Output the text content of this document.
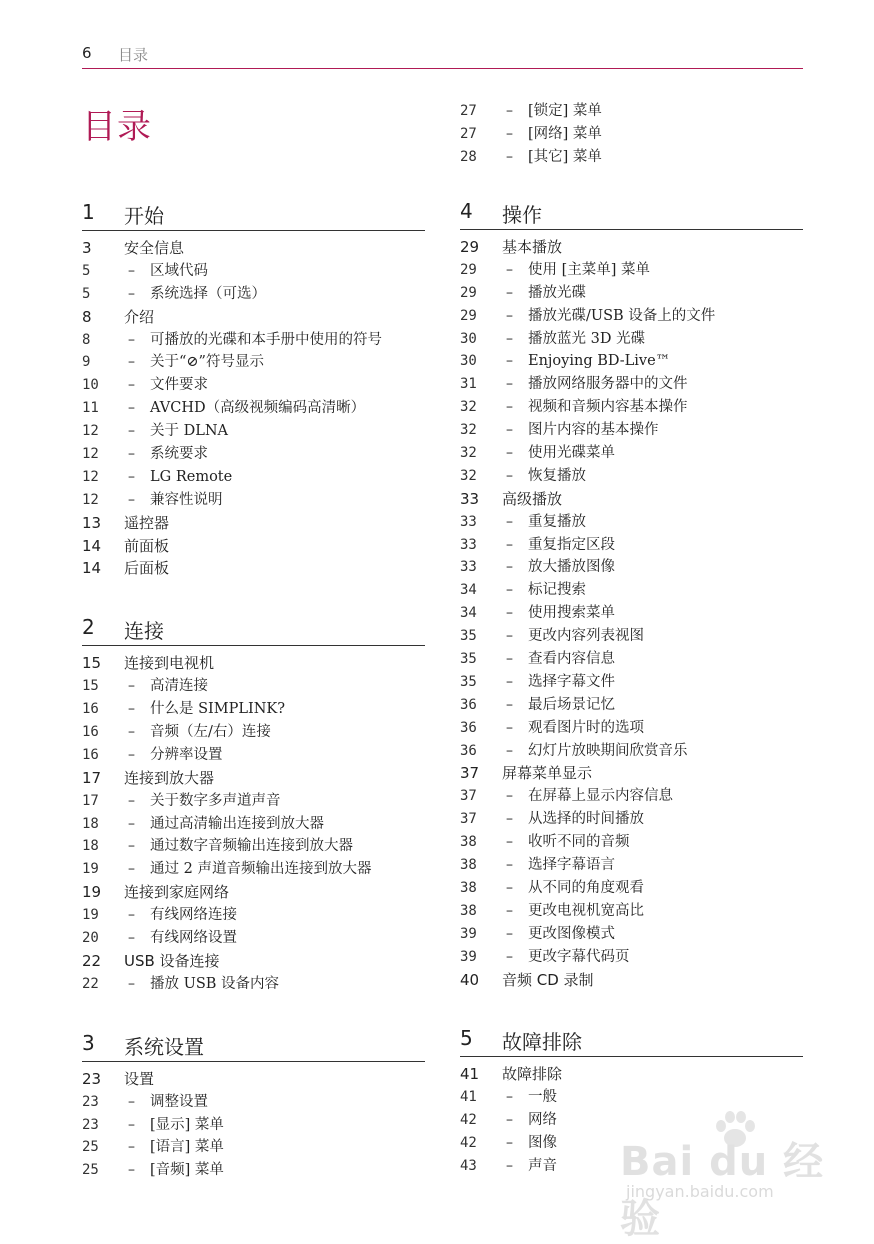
6 目录
目录
1 开始
3 安全信息
5	– 区域代码
5	– 系统选择（可选）
8 介绍
8	– 可播放的光碟和本手册中使用的符号
9	– 关于“⊘”符号显示
10 – 文件要求
11 – AVCHD（高级视频编码高清晰）
12 – 关于 DLNA
12 – 系统要求
12 – LG Remote
12 – 兼容性说明
13 遥控器
14 前面板
14 后面板
2 连接
15 连接到电视机
15 – 高清连接
16 – 什么是 SIMPLINK?
16 – 音频（左/右）连接
16 – 分辨率设置
17 连接到放大器
17 – 关于数字多声道声音
18 – 通过高清输出连接到放大器
18 – 通过数字音频输出连接到放大器
19 – 通过 2 声道音频输出连接到放大器
19 连接到家庭网络
19 – 有线网络连接
20 – 有线网络设置
22 USB 设备连接
22 – 播放 USB 设备内容
3 系统设置
23 设置
23 – 调整设置
23 – [显示] 菜单
25 – [语言] 菜单
25 – [音频] 菜单
27 – [锁定] 菜单
27 – [网络] 菜单
28 – [其它] 菜单
4 操作
29 基本播放
29 – 使用 [主菜单] 菜单
29 – 播放光碟
29 – 播放光碟/USB 设备上的文件
30 – 播放蓝光 3D 光碟
30 – Enjoying BD-Live™
31 – 播放网络服务器中的文件
32 – 视频和音频内容基本操作
32 – 图片内容的基本操作
32 – 使用光碟菜单
32 – 恢复播放
33 高级播放
33 – 重复播放
33 – 重复指定区段
33 – 放大播放图像
34 – 标记搜索
34 – 使用搜索菜单
35 – 更改内容列表视图
35 – 查看内容信息
35 – 选择字幕文件
36 – 最后场景记忆
36 – 观看图片时的选项
36 – 幻灯片放映期间欣赏音乐
37 屏幕菜单显示
37 – 在屏幕上显示内容信息
37 – 从选择的时间播放
38 – 收听不同的音频
38 – 选择字幕语言
38 – 从不同的角度观看
38 – 更改电视机宽高比
39 – 更改图像模式
39 – 更改字幕代码页
40 音频 CD 录制
5 故障排除
41 故障排除
41 – 一般
42 – 网络
42 – 图像
43 – 声音 Bai du 经验
jingyan.baidu.com
